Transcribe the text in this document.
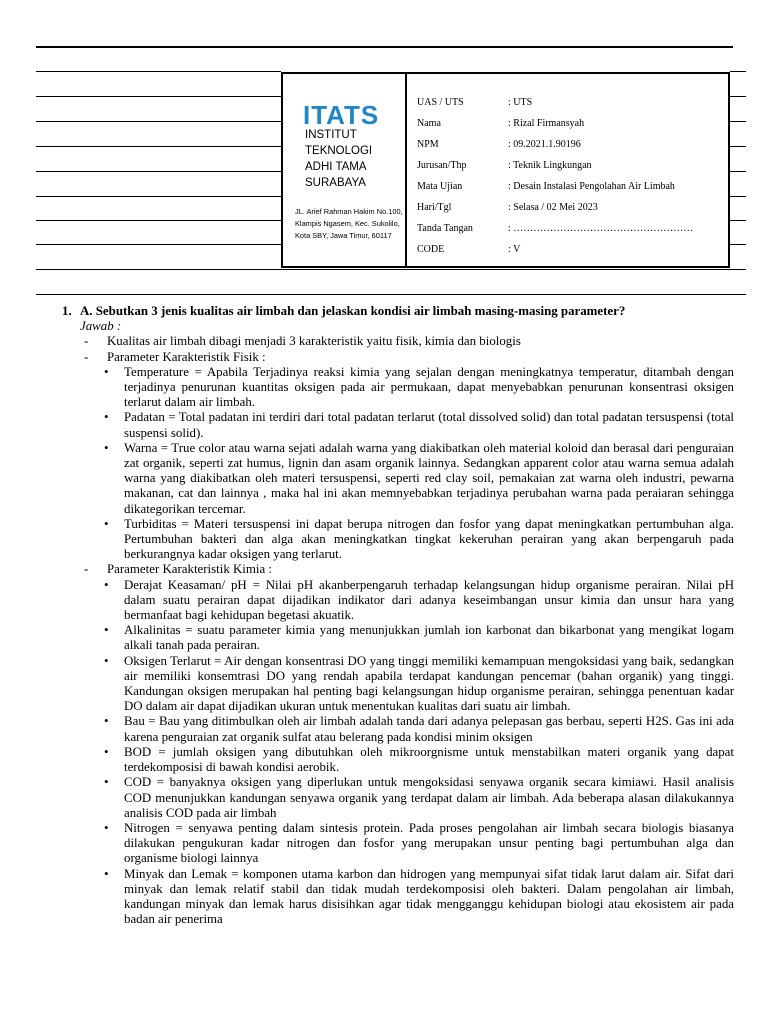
ITATS
INSTITUT
TEKNOLOGI
ADHI TAMA
SURABAYA
JL. Arief Rahman Hakim No.100, Klampis Ngasem, Kec. Sukolilo, Kota SBY, Jawa Timur, 60117
UAS / UTS	: UTS
Nama	: Rizal Firmansyah
NPM	: 09.2021.1.90196
Jurusan/Thp	: Teknik Lingkungan
Mata Ujian	: Desain Instalasi Pengolahan Air Limbah
Hari/Tgl	: Selasa / 02 Mei 2023
Tanda Tangan	: ………………………………………………
CODE	: V
1. A. Sebutkan 3 jenis kualitas air limbah dan jelaskan kondisi air limbah masing-masing parameter?
Jawab :
-	Kualitas air limbah dibagi menjadi 3 karakteristik yaitu fisik, kimia dan biologis
-	Parameter Karakteristik Fisik :
•	Temperature = Apabila Terjadinya reaksi kimia yang sejalan dengan meningkatnya temperatur, ditambah dengan terjadinya penurunan kuantitas oksigen pada air permukaan, dapat menyebabkan penurunan konsentrasi oksigen terlarut dalam air limbah.
•	Padatan = Total padatan ini terdiri dari total padatan terlarut (total dissolved solid) dan total padatan tersuspensi (total suspensi solid).
•	Warna = True color atau warna sejati adalah warna yang diakibatkan oleh material koloid dan berasal dari penguraian zat organik, seperti zat humus, lignin dan asam organik lainnya. Sedangkan apparent color atau warna semua adalah warna yang diakibatkan oleh materi tersuspensi, seperti red clay soil, pemakaian zat warna oleh industri, pewarna makanan, cat dan lainnya , maka hal ini akan memnyebabkan terjadinya perubahan warna pada peraiaran sehingga dikategorikan tercemar.
•	Turbiditas = Materi tersuspensi ini dapat berupa nitrogen dan fosfor yang dapat meningkatkan pertumbuhan alga. Pertumbuhan bakteri dan alga akan meningkatkan tingkat kekeruhan perairan yang akan berpengaruh pada berkurangnya kadar oksigen yang terlarut.
-	Parameter Karakteristik Kimia :
•	Derajat Keasaman/ pH = Nilai pH akanberpengaruh terhadap kelangsungan hidup organisme perairan. Nilai pH dalam suatu perairan dapat dijadikan indikator dari adanya keseimbangan unsur kimia dan unsur hara yang bermanfaat bagi kehidupan begetasi akuatik.
•	Alkalinitas = suatu parameter kimia yang menunjukkan jumlah ion karbonat dan bikarbonat yang mengikat logam alkali tanah pada perairan.
•	Oksigen Terlarut = Air dengan konsentrasi DO yang tinggi memiliki kemampuan mengoksidasi yang baik, sedangkan air memiliki konsemtrasi DO yang rendah apabila terdapat kandungan pencemar (bahan organik) yang tinggi. Kandungan oksigen merupakan hal penting bagi kelangsungan hidup organisme perairan, sehingga penentuan kadar DO dalam air dapat dijadikan ukuran untuk menentukan kualitas dari suatu air limbah.
•	Bau = Bau yang ditimbulkan oleh air limbah adalah tanda dari adanya pelepasan gas berbau, seperti H2S. Gas ini ada karena penguraian zat organik sulfat atau belerang pada kondisi minim oksigen
•	BOD = jumlah oksigen yang dibutuhkan oleh mikroorgnisme untuk menstabilkan materi organik yang dapat terdekomposisi di bawah kondisi aerobik.
•	COD = banyaknya oksigen yang diperlukan untuk mengoksidasi senyawa organik secara kimiawi. Hasil analisis COD menunjukkan kandungan senyawa organik yang terdapat dalam air limbah. Ada beberapa alasan dilakukannya analisis COD pada air limbah
•	Nitrogen = senyawa penting dalam sintesis protein. Pada proses pengolahan air limbah secara biologis biasanya dilakukan pengukuran kadar nitrogen dan fosfor yang merupakan unsur penting bagi pertumbuhan alga dan organisme biologi lainnya
•	Minyak dan Lemak = komponen utama karbon dan hidrogen yang mempunyai sifat tidak larut dalam air. Sifat dari minyak dan lemak relatif stabil dan tidak mudah terdekomposisi oleh bakteri. Dalam pengolahan air limbah, kandungan minyak dan lemak harus disisihkan agar tidak mengganggu kehidupan biologi atau ekosistem air pada badan air penerima
